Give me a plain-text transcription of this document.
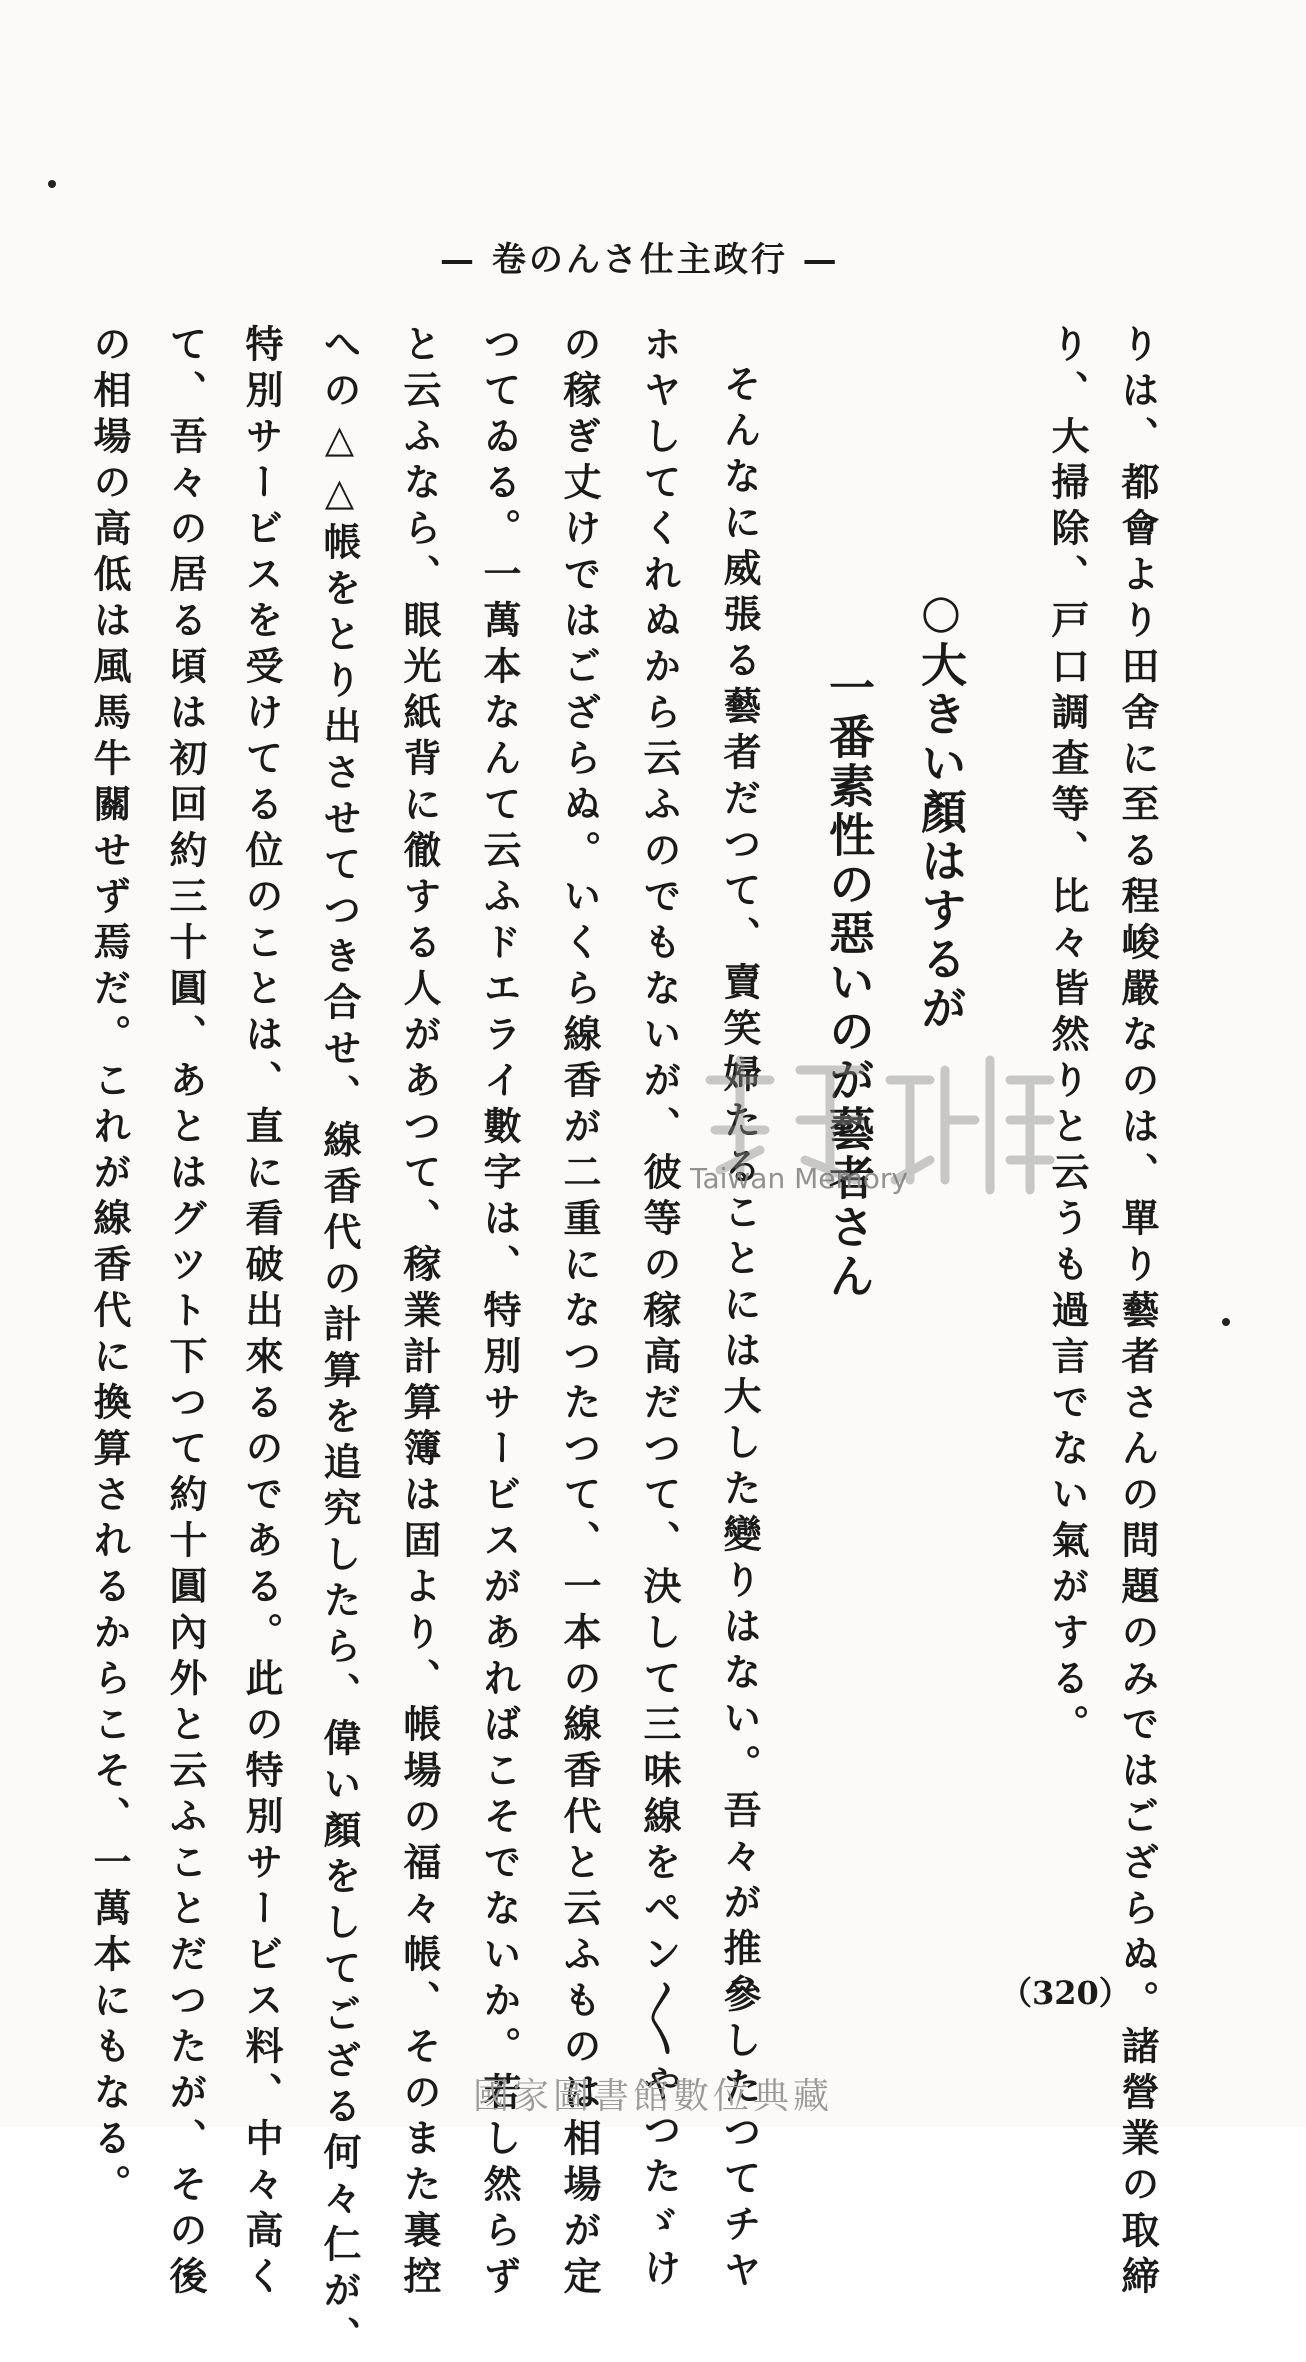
— 卷のんさ仕主政行 —
りは、都會より田舍に至る程峻嚴なのは、單り藝者さんの問題のみではござらぬ。諸營業の取締
り、大掃除、戸口調查等、比々皆然りと云うも過言でない氣がする。
○大きい顏はするが
一番素性の惡いのが藝者さん
そんなに威張る藝者だつて、賣笑婦たることには大した變りはない。吾々が推參したつてチヤ
ホヤしてくれぬから云ふのでもないが、彼等の稼高だつて、決して三味線をペン〳〵やつたゞけ
の稼ぎ丈けではござらぬ。いくら線香が二重になつたつて、一本の線香代と云ふものは相場が定
つてゐる。一萬本なんて云ふドエライ數字は、特別サービスがあればこそでないか。若し然らず
と云ふなら、眼光紙背に徹する人があつて、稼業計算簿は固より、帳場の福々帳、そのまた裏控
への△△帳をとり出させてつき合せ、線香代の計算を追究したら、偉い顏をしてござる何々仁が、
特別サービスを受けてる位のことは、直に看破出來るのである。此の特別サービス料、中々高く
て、吾々の居る頃は初回約三十圓、あとはグツト下つて約十圓內外と云ふことだつたが、その後
の相場の高低は風馬牛關せず焉だ。これが線香代に換算されるからこそ、一萬本にもなる。	Taiwan Memory
（320）
國家圖書館數位典藏
